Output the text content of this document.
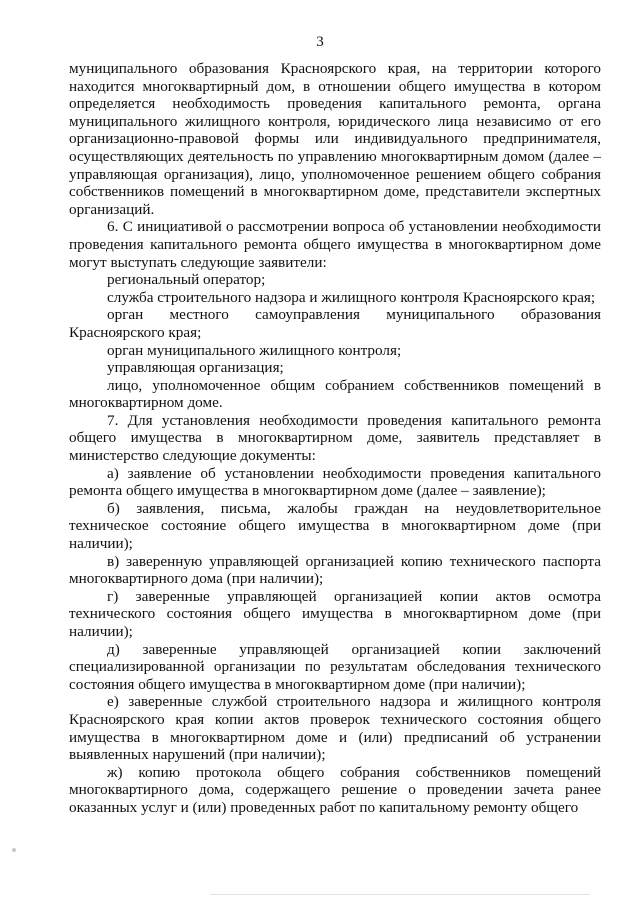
3

муниципального образования Красноярского края, на территории которого находится многоквартирный дом, в отношении общего имущества в котором определяется необходимость проведения капитального ремонта, органа муниципального жилищного контроля, юридического лица независимо от его организационно-правовой формы или индивидуального предпринимателя, осуществляющих деятельность по управлению многоквартирным домом (далее – управляющая организация), лицо, уполномоченное решением общего собрания собственников помещений в многоквартирном доме, представители экспертных организаций.

6. С инициативой о рассмотрении вопроса об установлении необходимости проведения капитального ремонта общего имущества в многоквартирном доме могут выступать следующие заявители:

региональный оператор;

служба строительного надзора и жилищного контроля Красноярского края;

орган местного самоуправления муниципального образования Красноярского края;

орган муниципального жилищного контроля;

управляющая организация;

лицо, уполномоченное общим собранием собственников помещений в многоквартирном доме.

7. Для установления необходимости проведения капитального ремонта общего имущества в многоквартирном доме, заявитель представляет в министерство следующие документы:

а) заявление об установлении необходимости проведения капитального ремонта общего имущества в многоквартирном доме (далее – заявление);

б) заявления, письма, жалобы граждан на неудовлетворительное техническое состояние общего имущества в многоквартирном доме (при наличии);

в) заверенную управляющей организацией копию технического паспорта многоквартирного дома (при наличии);

г) заверенные управляющей организацией копии актов осмотра технического состояния общего имущества в многоквартирном доме (при наличии);

д) заверенные управляющей организацией копии заключений специализированной организации по результатам обследования технического состояния общего имущества в многоквартирном доме (при наличии);

е) заверенные службой строительного надзора и жилищного контроля Красноярского края копии актов проверок технического состояния общего имущества в многоквартирном доме и (или) предписаний об устранении выявленных нарушений (при наличии);

ж) копию протокола общего собрания собственников помещений многоквартирного дома, содержащего решение о проведении зачета ранее оказанных услуг и (или) проведенных работ по капитальному ремонту общего
